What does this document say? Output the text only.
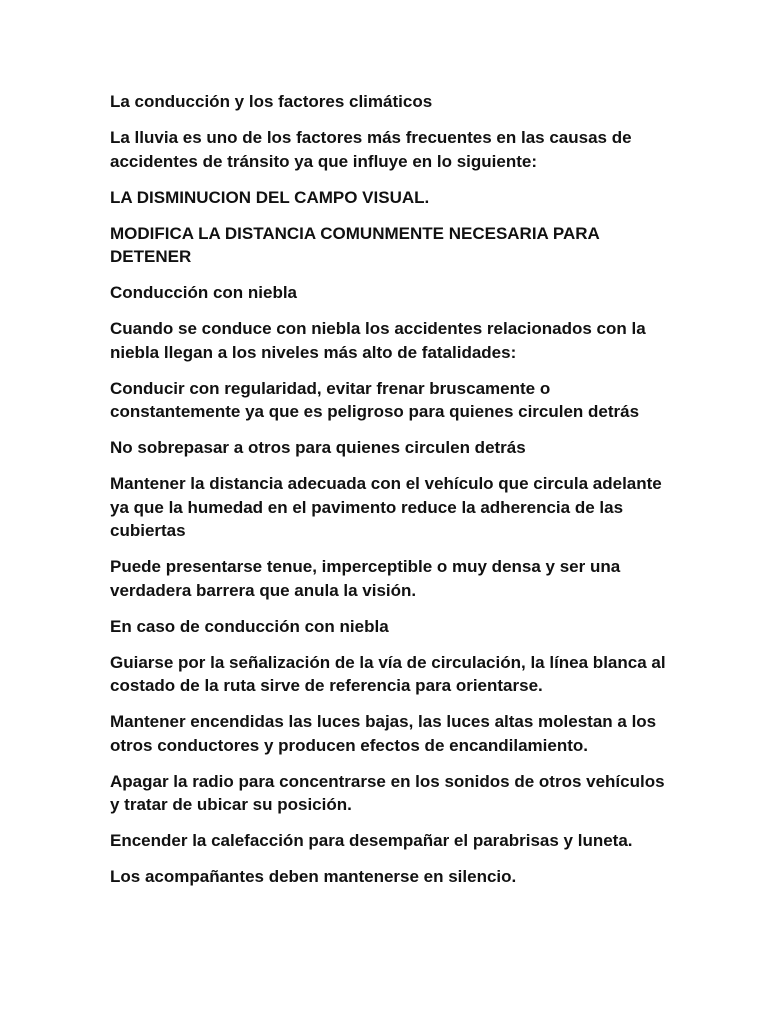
La conducción y los factores climáticos

La lluvia es uno de los factores más frecuentes en las causas de accidentes de tránsito ya que influye en lo siguiente:

LA DISMINUCION DEL CAMPO VISUAL.

MODIFICA LA DISTANCIA COMUNMENTE NECESARIA PARA DETENER

Conducción con niebla

Cuando se conduce con niebla los accidentes relacionados con la niebla llegan a los niveles más alto de fatalidades:

Conducir con regularidad, evitar frenar bruscamente o constantemente ya que es peligroso para quienes circulen detrás

No sobrepasar a otros para quienes circulen detrás

Mantener la distancia adecuada con el vehículo que circula adelante ya que la humedad en el pavimento reduce la adherencia de las cubiertas

Puede presentarse tenue, imperceptible o muy densa y ser una verdadera barrera que anula la visión.

En caso de conducción con niebla

Guiarse por la señalización de la vía de circulación, la línea blanca al costado de la ruta sirve de referencia para orientarse.

Mantener encendidas las luces bajas, las luces altas molestan a los otros conductores y producen efectos de encandilamiento.

Apagar la radio para concentrarse en los sonidos de otros vehículos y tratar de ubicar su posición.

Encender la calefacción para desempañar el parabrisas y luneta.

Los acompañantes deben mantenerse en silencio.
